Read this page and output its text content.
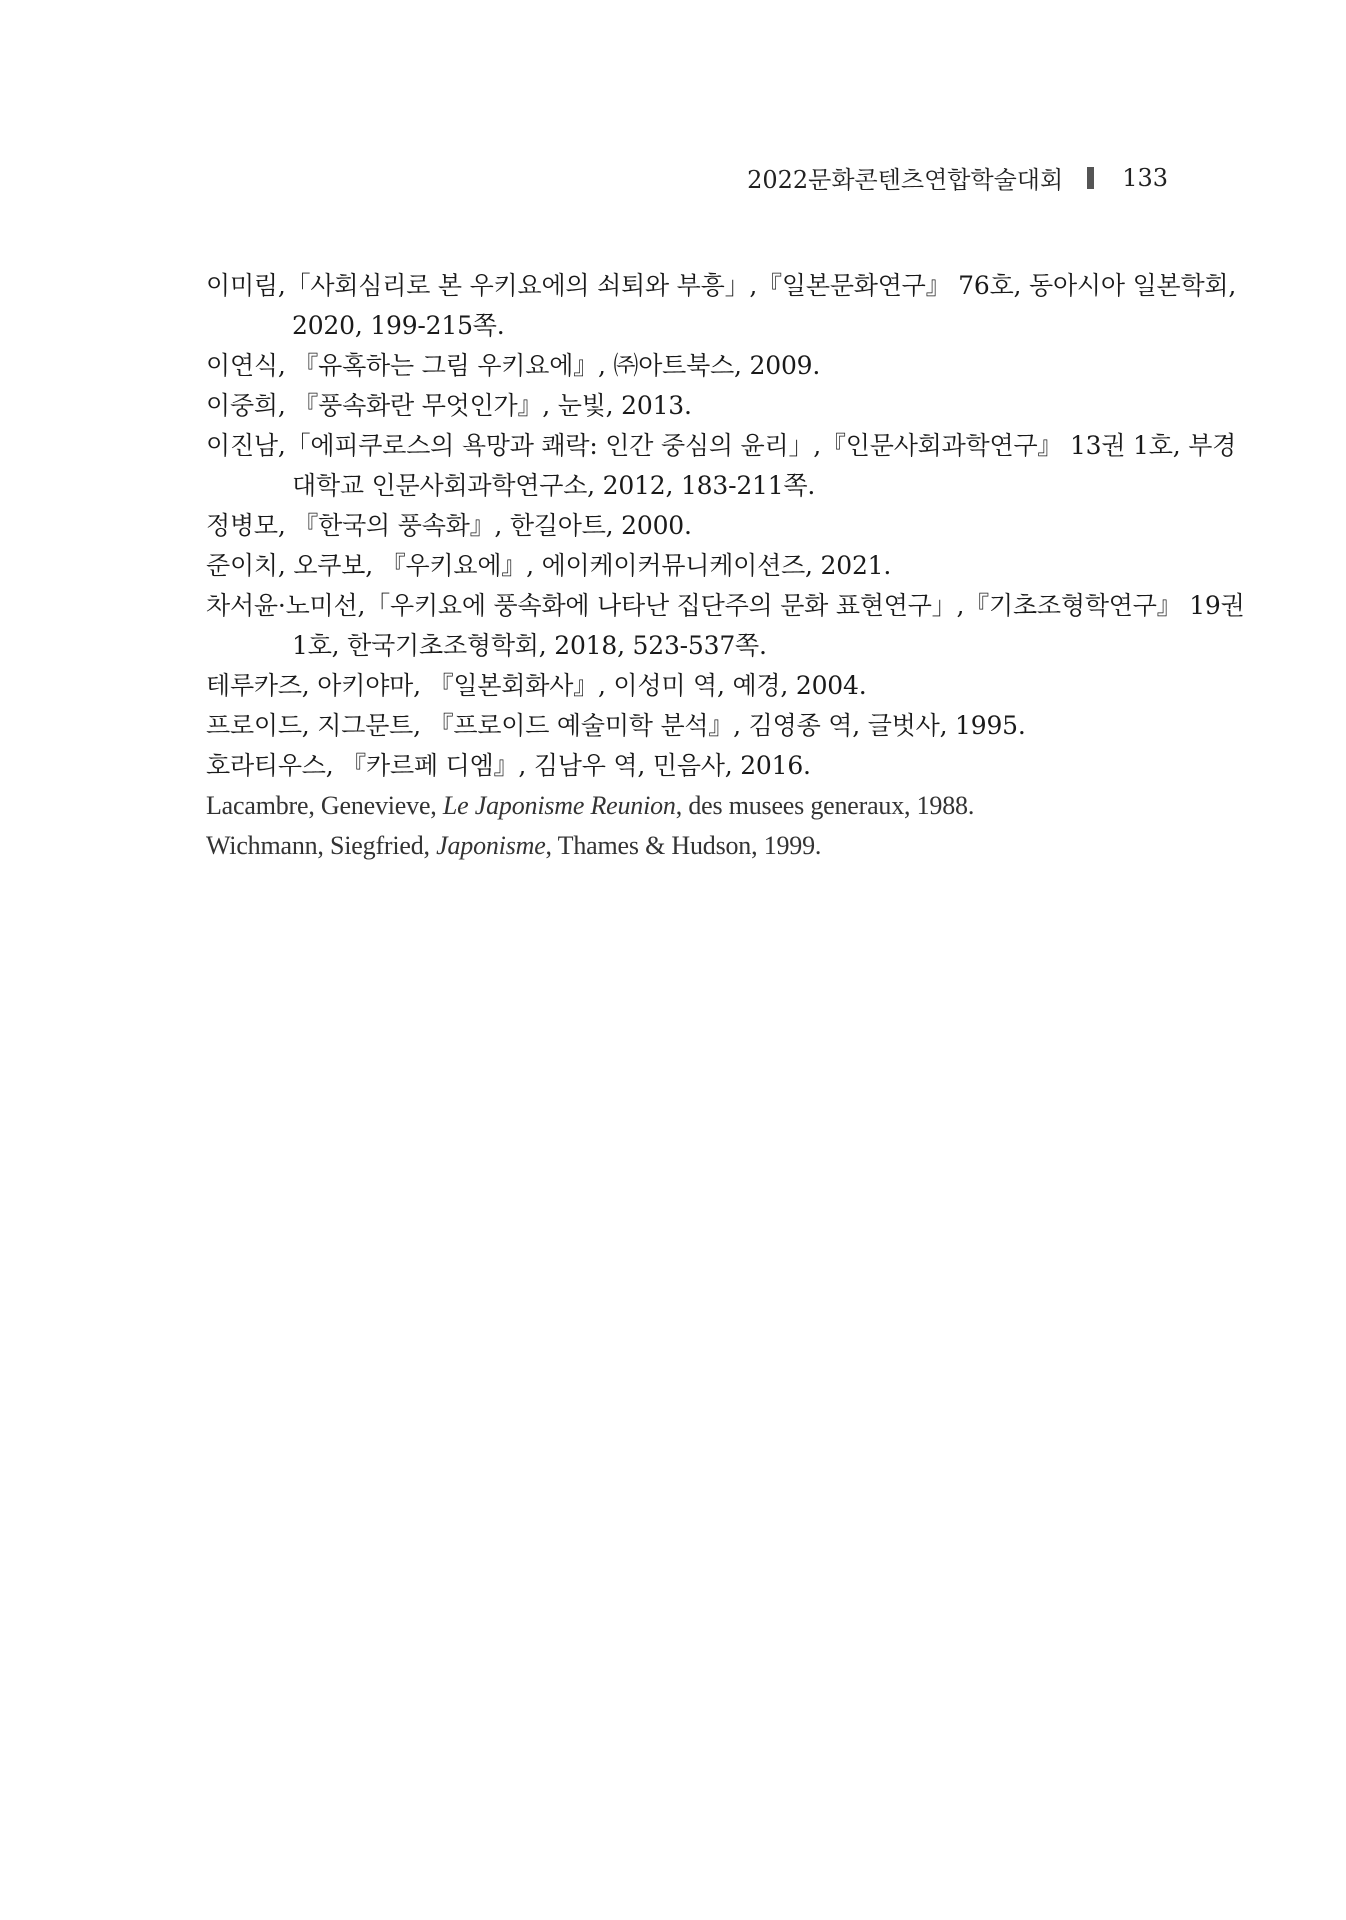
2022문화콘텐츠연합학술대회 133
이미림,「사회심리로 본 우키요에의 쇠퇴와 부흥」,『일본문화연구』 76호, 동아시아 일본학회,
2020, 199-215쪽.
이연식, 『유혹하는 그림 우키요에』, ㈜아트북스, 2009.
이중희, 『풍속화란 무엇인가』, 눈빛, 2013.
이진남,「에피쿠로스의 욕망과 쾌락: 인간 중심의 윤리」,『인문사회과학연구』 13권 1호, 부경
대학교 인문사회과학연구소, 2012, 183-211쪽.
정병모, 『한국의 풍속화』, 한길아트, 2000.
준이치, 오쿠보, 『우키요에』, 에이케이커뮤니케이션즈, 2021.
차서윤·노미선,「우키요에 풍속화에 나타난 집단주의 문화 표현연구」,『기초조형학연구』 19권
1호, 한국기초조형학회, 2018, 523-537쪽.
테루카즈, 아키야마, 『일본회화사』, 이성미 역, 예경, 2004.
프로이드, 지그문트, 『프로이드 예술미학 분석』, 김영종 역, 글벗사, 1995.
호라티우스, 『카르페 디엠』, 김남우 역, 민음사, 2016.
Lacambre, Genevieve, Le Japonisme Reunion, des musees generaux, 1988.
Wichmann, Siegfried, Japonisme, Thames & Hudson, 1999.
